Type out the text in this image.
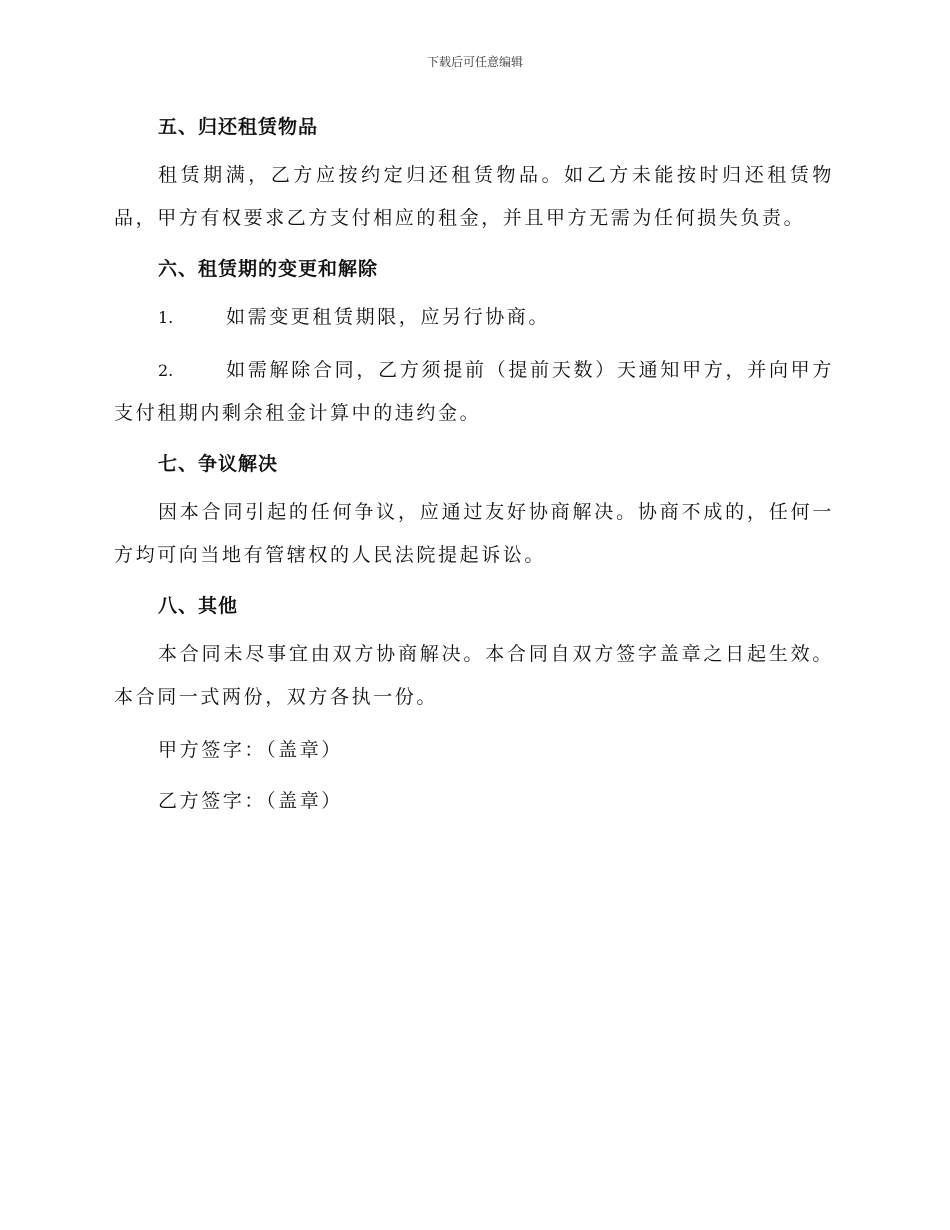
下载后可任意编辑
五、归还租赁物品

租赁期满，乙方应按约定归还租赁物品。如乙方未能按时归还租赁物品，甲方有权要求乙方支付相应的租金，并且甲方无需为任何损失负责。

六、租赁期的变更和解除

1.	如需变更租赁期限，应另行协商。

2.	如需解除合同，乙方须提前（提前天数）天通知甲方，并向甲方支付租期内剩余租金计算中的违约金。

七、争议解决

因本合同引起的任何争议，应通过友好协商解决。协商不成的，任何一方均可向当地有管辖权的人民法院提起诉讼。

八、其他

本合同未尽事宜由双方协商解决。本合同自双方签字盖章之日起生效。本合同一式两份，双方各执一份。

甲方签字：（盖章）

乙方签字：（盖章）
